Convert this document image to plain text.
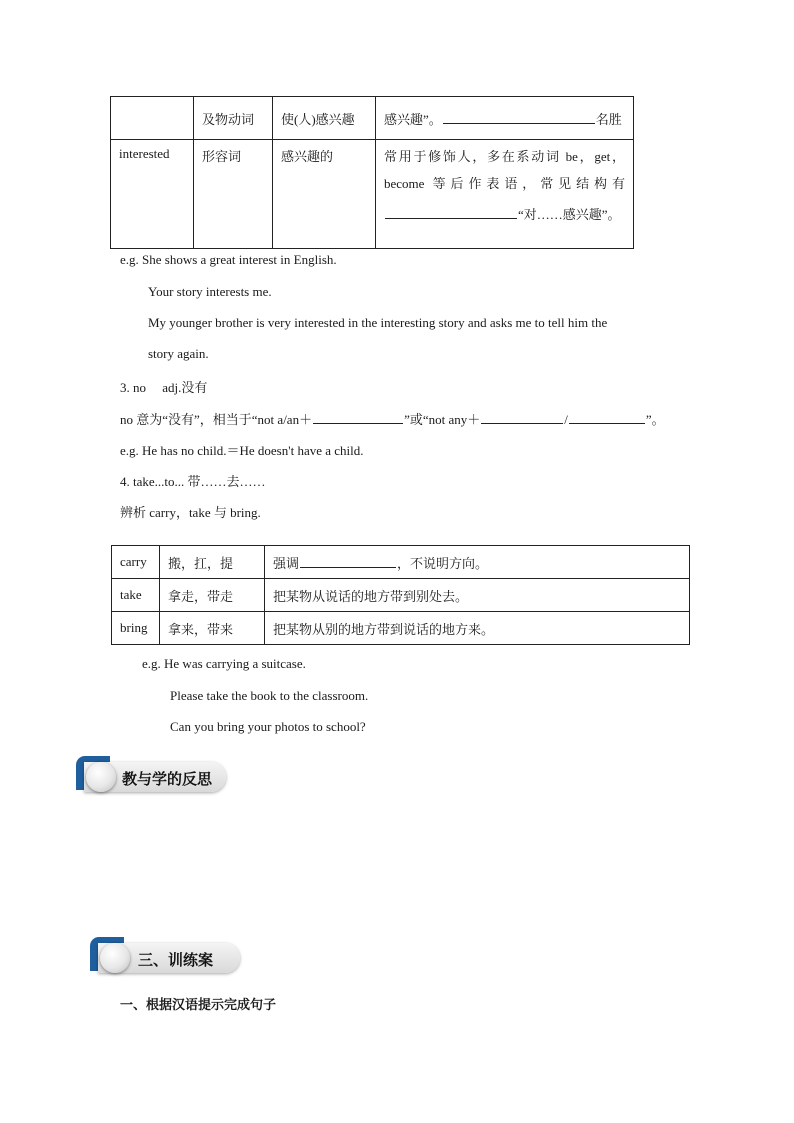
	及物动词	使(人)感兴趣	感兴趣”。 名胜
interested	形容词	感兴趣的	常用于修饰人，多在系动词 be，get，
become 等后作表语，常见结构有
“对……感兴趣”。
e.g. She shows a great interest in English.
Your story interests me.
My younger brother is very interested in the interesting story and asks me to tell him the
story again.
3. no     adj.没有
no 意为“没有”，相当于“not a/an＋	”或“not any＋	/	”。
e.g. He has no child.＝He doesn't have a child.
4. take...to... 带……去……
辨析 carry，take 与 bring.
carry	搬，扛，提	强调 ，不说明方向。
take	拿走，带走	把某物从说话的地方带到别处去。
bring	拿来，带来	把某物从别的地方带到说话的地方来。
e.g. He was carrying a suitcase.
Please take the book to the classroom.
Can you bring your photos to school?
教与学的反思
三、训练案
一、根据汉语提示完成句子
